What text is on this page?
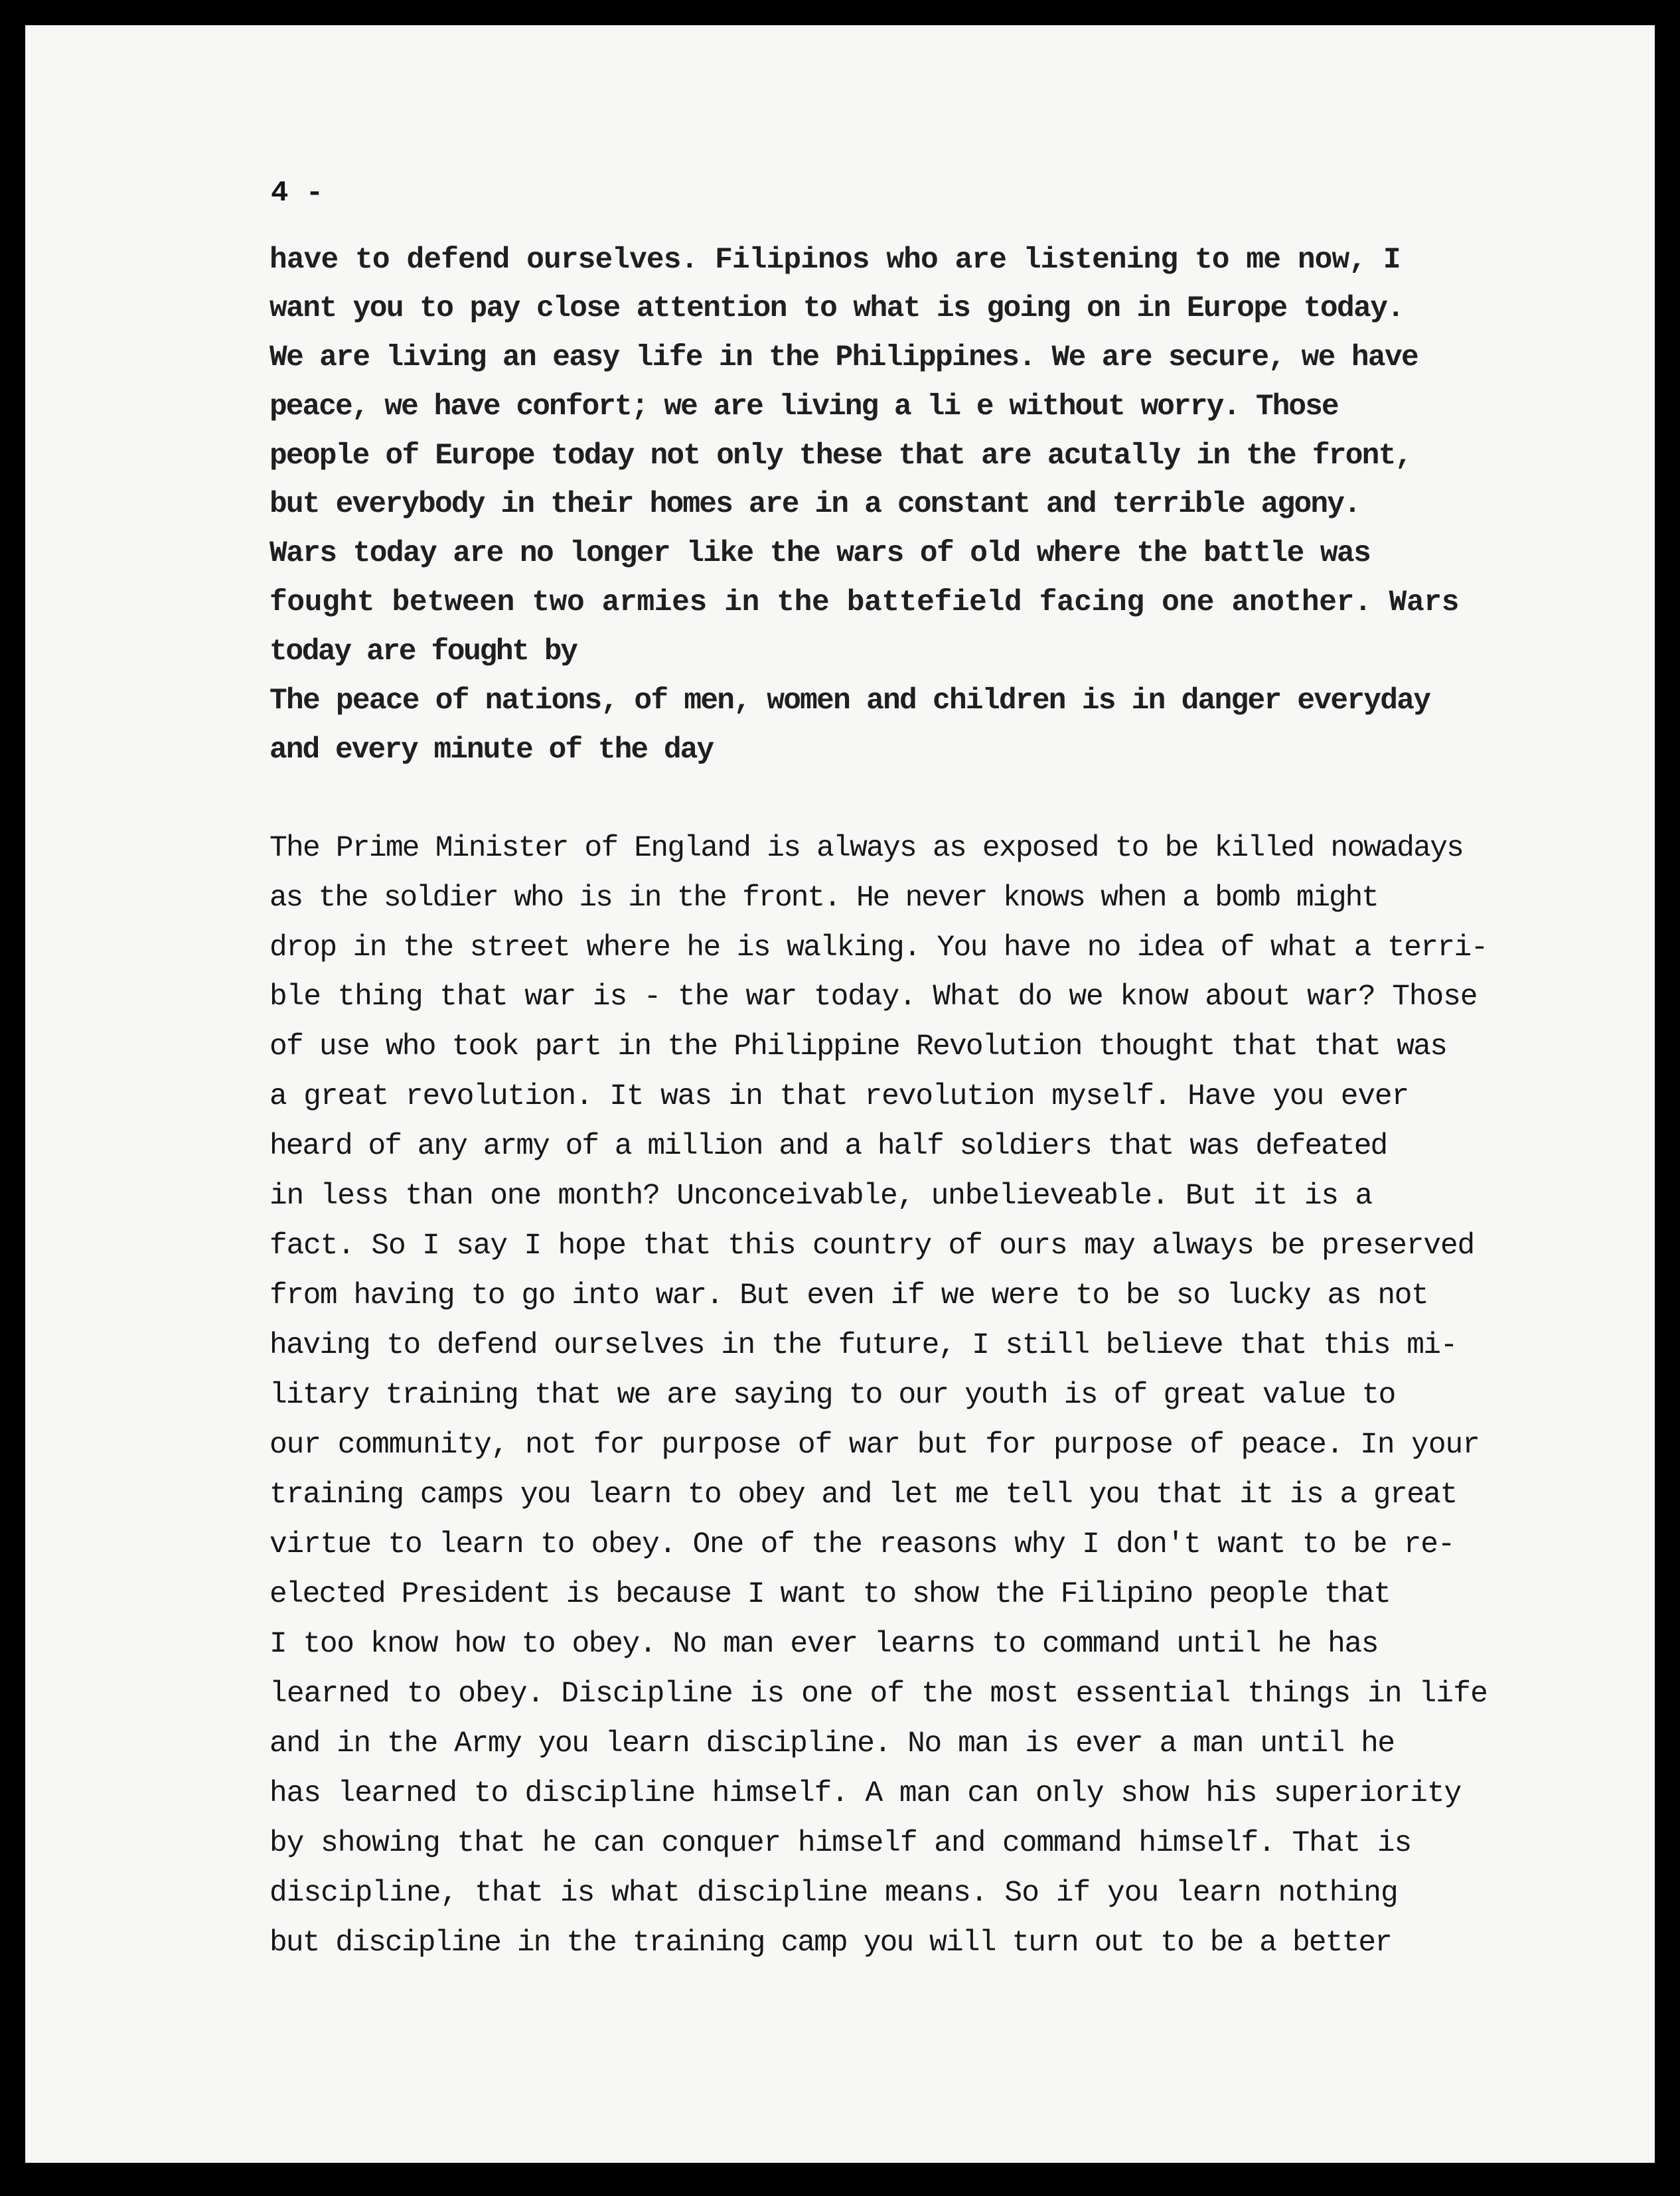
4 -

have to defend ourselves. Filipinos who are listening to me now, I

want you to pay close attention to what is going on in Europe today.

We are living an easy life in the Philippines. We are secure, we have

peace, we have confort; we are living a li e without worry. Those

people of Europe today not only these that are acutally in the front,

but everybody in their homes are in a constant and terrible agony.

Wars today are no longer like the wars of old where the battle was

fought between two armies in the battefield facing one another. Wars

today are fought by

The peace of nations, of men, women and children is in danger everyday

and every minute of the day

The Prime Minister of England is always as exposed to be killed nowadays

as the soldier who is in the front. He never knows when a bomb might

drop in the street where he is walking. You have no idea of what a terri-

ble thing that war is - the war today. What do we know about war? Those

of use who took part in the Philippine Revolution thought that that was

a great revolution. It was in that revolution myself. Have you ever

heard of any army of a million and a half soldiers that was defeated

in less than one month? Unconceivable, unbelieveable. But it is a

fact. So I say I hope that this country of ours may always be preserved

from having to go into war. But even if we were to be so lucky as not

having to defend ourselves in the future, I still believe that this mi-

litary training that we are saying to our youth is of great value to

our community, not for purpose of war but for purpose of peace. In your

training camps you learn to obey and let me tell you that it is a great

virtue to learn to obey. One of the reasons why I don't want to be re-

elected President is because I want to show the Filipino people that

I too know how to obey. No man ever learns to command until he has

learned to obey. Discipline is one of the most essential things in life

and in the Army you learn discipline. No man is ever a man until he

has learned to discipline himself. A man can only show his superiority

by showing that he can conquer himself and command himself. That is

discipline, that is what discipline means. So if you learn nothing

but discipline in the training camp you will turn out to be a better
